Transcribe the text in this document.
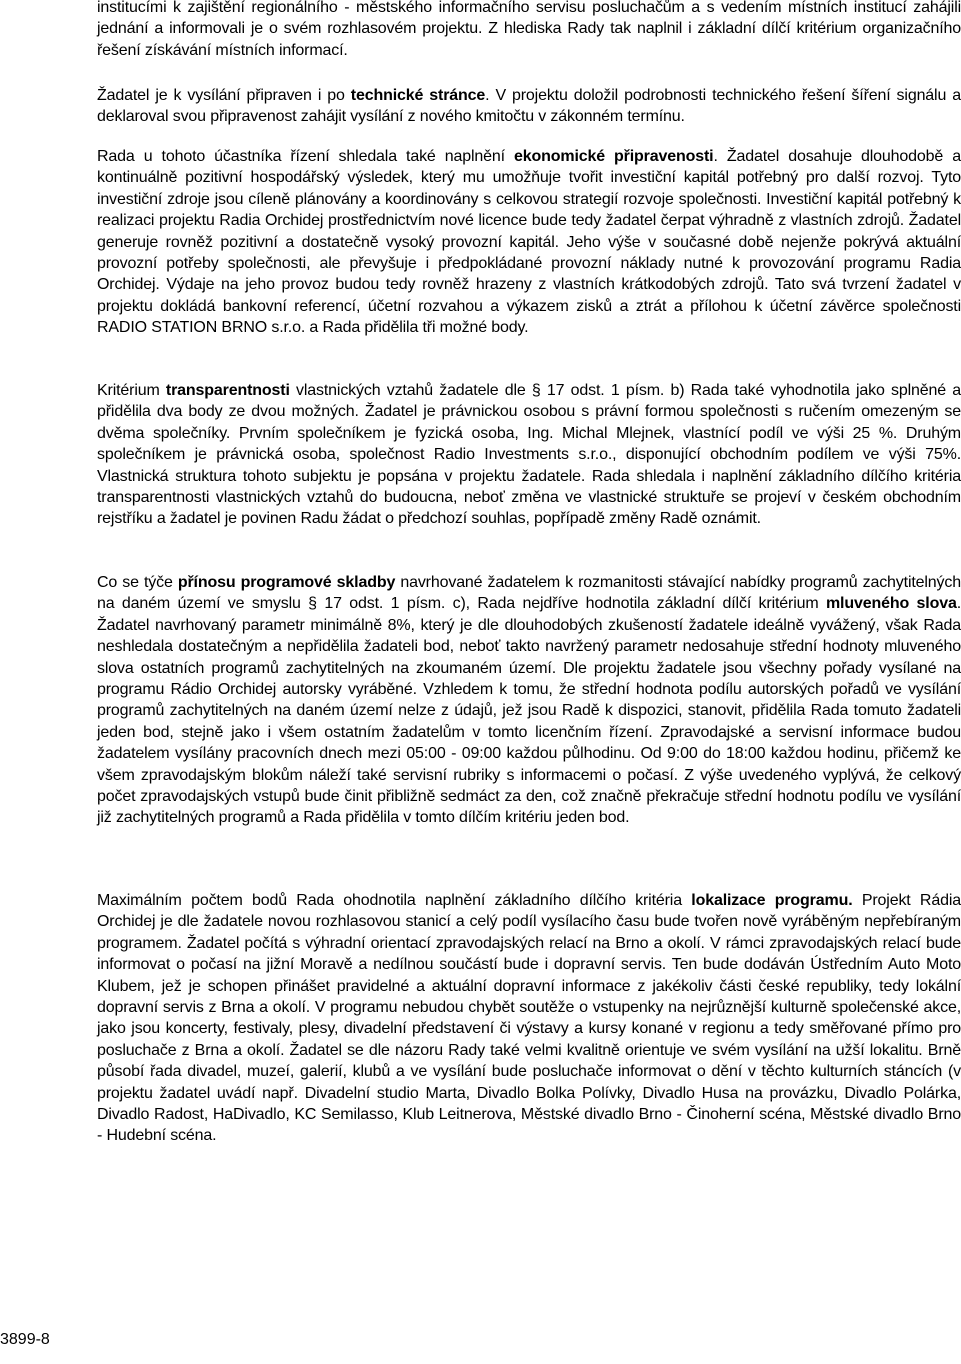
institucími k zajištění regionálního - městského informačního servisu posluchačům a s vedením místních institucí zahájili jednání a informovali je o svém rozhlasovém projektu. Z hlediska Rady tak naplnil i základní dílčí kritérium organizačního řešení získávání místních informací.

Žadatel je k vysílání připraven i po technické stránce. V projektu doložil podrobnosti technického řešení šíření signálu a deklaroval svou připravenost zahájit vysílání z nového kmitočtu v zákonném termínu.

Rada u tohoto účastníka řízení shledala také naplnění ekonomické připravenosti. Žadatel dosahuje dlouhodobě a kontinuálně pozitivní hospodářský výsledek, který mu umožňuje tvořit investiční kapitál potřebný pro další rozvoj. Tyto investiční zdroje jsou cíleně plánovány a koordinovány s celkovou strategií rozvoje společnosti. Investiční kapitál potřebný k realizaci projektu Radia Orchidej prostřednictvím nové licence bude tedy žadatel čerpat výhradně z vlastních zdrojů. Žadatel generuje rovněž pozitivní a dostatečně vysoký provozní kapitál. Jeho výše v současné době nejenže pokrývá aktuální provozní potřeby společnosti, ale převyšuje i předpokládané provozní náklady nutné k provozování programu Radia Orchidej. Výdaje na jeho provoz budou tedy rovněž hrazeny z vlastních krátkodobých zdrojů. Tato svá tvrzení žadatel v projektu dokládá bankovní referencí, účetní rozvahou a výkazem zisků a ztrát a přílohou k účetní závěrce společnosti RADIO STATION BRNO s.r.o. a Rada přidělila tři možné body.

Kritérium transparentnosti vlastnických vztahů žadatele dle § 17 odst. 1 písm. b) Rada také vyhodnotila jako splněné a přidělila dva body ze dvou možných. Žadatel je právnickou osobou s právní formou společnosti s ručením omezeným se dvěma společníky. Prvním společníkem je fyzická osoba, Ing. Michal Mlejnek, vlastnící podíl ve výši 25 %. Druhým společníkem je právnická osoba, společnost Radio Investments s.r.o., disponující obchodním podílem ve výši 75%. Vlastnická struktura tohoto subjektu je popsána v projektu žadatele. Rada shledala i naplnění základního dílčího kritéria transparentnosti vlastnických vztahů do budoucna, neboť změna ve vlastnické struktuře se projeví v českém obchodním rejstříku a žadatel je povinen Radu žádat o předchozí souhlas, popřípadě změny Radě oznámit.

Co se týče přínosu programové skladby navrhované žadatelem k rozmanitosti stávající nabídky programů zachytitelných na daném území ve smyslu § 17 odst. 1 písm. c), Rada nejdříve hodnotila základní dílčí kritérium mluveného slova. Žadatel navrhovaný parametr minimálně 8%, který je dle dlouhodobých zkušeností žadatele ideálně vyvážený, však Rada neshledala dostatečným a nepřidělila žadateli bod, neboť takto navržený parametr nedosahuje střední hodnoty mluveného slova ostatních programů zachytitelných na zkoumaném území. Dle projektu žadatele jsou všechny pořady vysílané na programu Rádio Orchidej autorsky vyráběné. Vzhledem k tomu, že střední hodnota podílu autorských pořadů ve vysílání programů zachytitelných na daném území nelze z údajů, jež jsou Radě k dispozici, stanovit, přidělila Rada tomuto žadateli jeden bod, stejně jako i všem ostatním žadatelům v tomto licenčním řízení. Zpravodajské a servisní informace budou žadatelem vysílány pracovních dnech mezi 05:00 - 09:00 každou půlhodinu. Od 9:00 do 18:00 každou hodinu, přičemž ke všem zpravodajským blokům náleží také servisní rubriky s informacemi o počasí. Z výše uvedeného vyplývá, že celkový počet zpravodajských vstupů bude činit přibližně sedmáct za den, což značně překračuje střední hodnotu podílu ve vysílání již zachytitelných programů a Rada přidělila v tomto dílčím kritériu jeden bod.

Maximálním počtem bodů Rada ohodnotila naplnění základního dílčího kritéria lokalizace programu. Projekt Rádia Orchidej je dle žadatele novou rozhlasovou stanicí a celý podíl vysílacího času bude tvořen nově vyráběným nepřebíraným programem. Žadatel počítá s výhradní orientací zpravodajských relací na Brno a okolí. V rámci zpravodajských relací bude informovat o počasí na jižní Moravě a nedílnou součástí bude i dopravní servis. Ten bude dodáván Ústředním Auto Moto Klubem, jež je schopen přinášet pravidelné a aktuální dopravní informace z jakékoliv části české republiky, tedy lokální dopravní servis z Brna a okolí. V programu nebudou chybět soutěže o vstupenky na nejrůznější kulturně společenské akce, jako jsou koncerty, festivaly, plesy, divadelní představení či výstavy a kursy konané v regionu a tedy směřované přímo pro posluchače z Brna a okolí. Žadatel se dle názoru Rady také velmi kvalitně orientuje ve svém vysílání na užší lokalitu. Brně působí řada divadel, muzeí, galerií, klubů a ve vysílání bude posluchače informovat o dění v těchto kulturních stáncích (v projektu žadatel uvádí např. Divadelní studio Marta, Divadlo Bolka Polívky, Divadlo Husa na provázku, Divadlo Polárka, Divadlo Radost, HaDivadlo, KC Semilasso, Klub Leitnerova, Městské divadlo Brno - Činoherní scéna, Městské divadlo Brno - Hudební scéna.

3899-8
